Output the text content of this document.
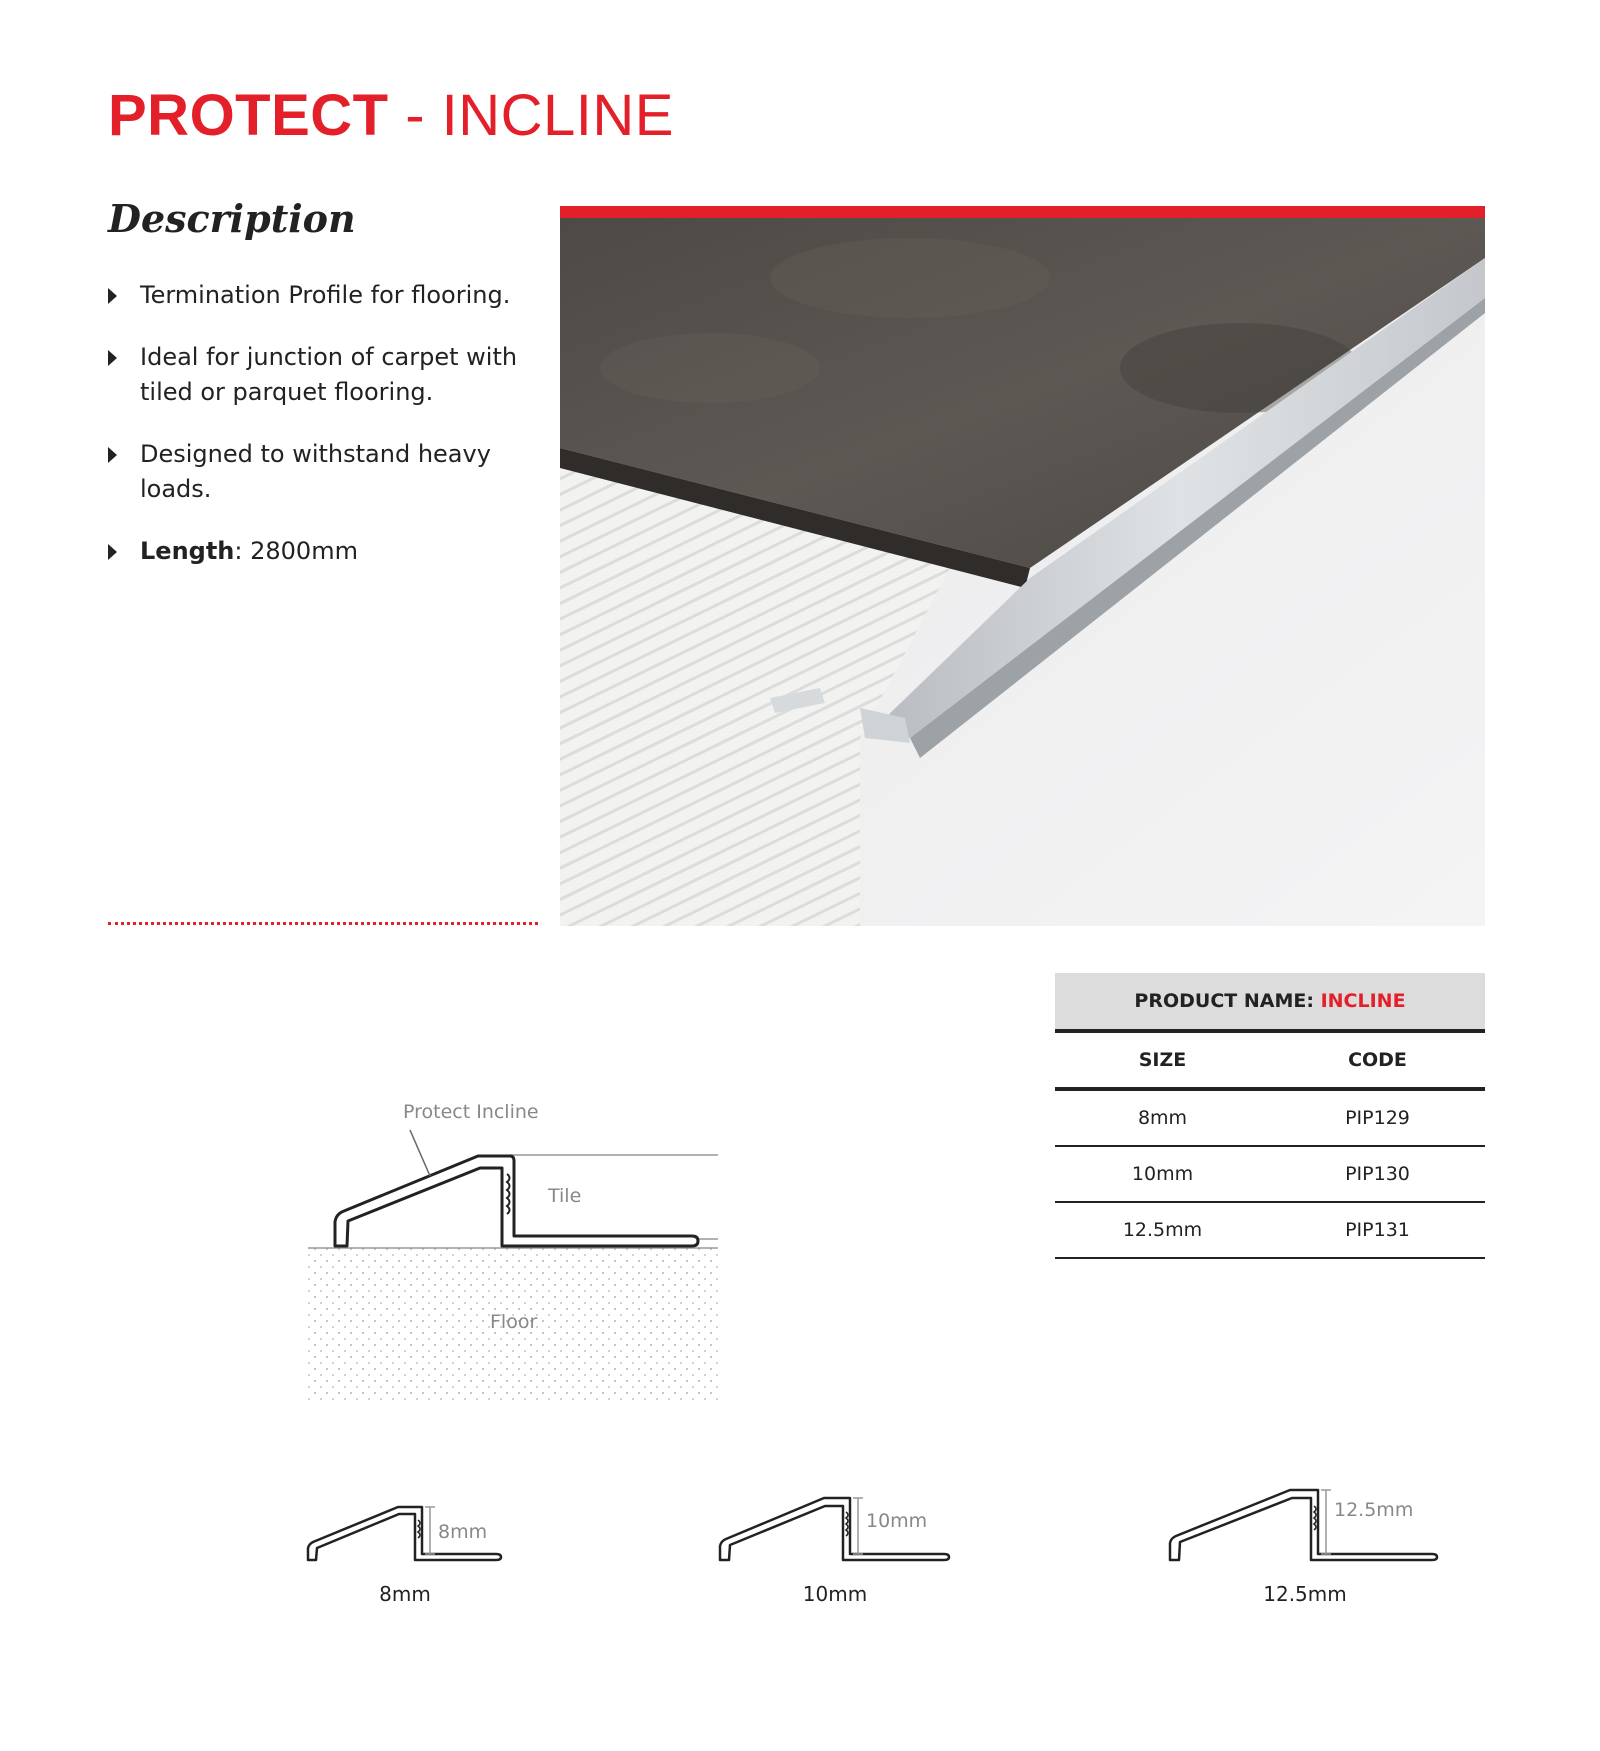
PROTECT - INCLINE
Description
Termination Profile for flooring.
Ideal for junction of carpet with tiled or parquet flooring.
Designed to withstand heavy loads.
Length: 2800mm
PRODUCT NAME:
INCLINE
SIZE	CODE
8mm	PIP129
10mm	PIP130
12.5mm	PIP131
Protect Incline
Tile
Floor
8mm
8mm
10mm
10mm
12.5mm
12.5mm
